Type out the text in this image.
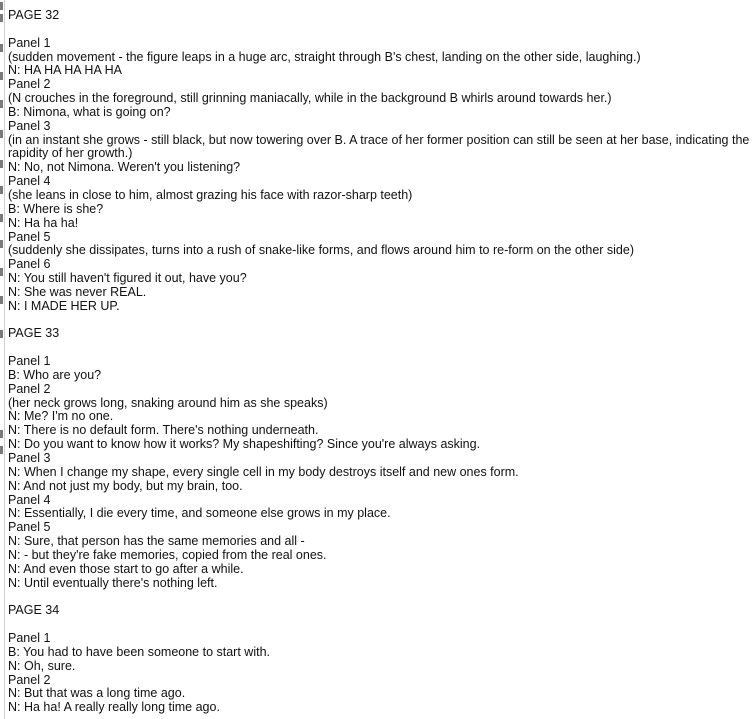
PAGE 32
Panel 1
(sudden movement - the figure leaps in a huge arc, straight through B's chest, landing on the other side, laughing.)
N: HA HA HA HA HA
Panel 2
(N crouches in the foreground, still grinning maniacally, while in the background B whirls around towards her.)
B: Nimona, what is going on?
Panel 3
(in an instant she grows - still black, but now towering over B. A trace of her former position can still be seen at her base, indicating the rapidity of her growth.)
N: No, not Nimona. Weren't you listening?
Panel 4
(she leans in close to him, almost grazing his face with razor-sharp teeth)
B: Where is she?
N: Ha ha ha!
Panel 5
(suddenly she dissipates, turns into a rush of snake-like forms, and flows around him to re-form on the other side)
Panel 6
N: You still haven't figured it out, have you?
N: She was never REAL.
N: I MADE HER UP.
PAGE 33
Panel 1
B: Who are you?
Panel 2
(her neck grows long, snaking around him as she speaks)
N: Me? I'm no one.
N: There is no default form. There's nothing underneath.
N: Do you want to know how it works? My shapeshifting? Since you're always asking.
Panel 3
N: When I change my shape, every single cell in my body destroys itself and new ones form.
N: And not just my body, but my brain, too.
Panel 4
N: Essentially, I die every time, and someone else grows in my place.
Panel 5
N: Sure, that person has the same memories and all -
N: - but they're fake memories, copied from the real ones.
N: And even those start to go after a while.
N: Until eventually there's nothing left.
PAGE 34
Panel 1
B: You had to have been someone to start with.
N: Oh, sure.
Panel 2
N: But that was a long time ago.
N: Ha ha! A really really long time ago.
